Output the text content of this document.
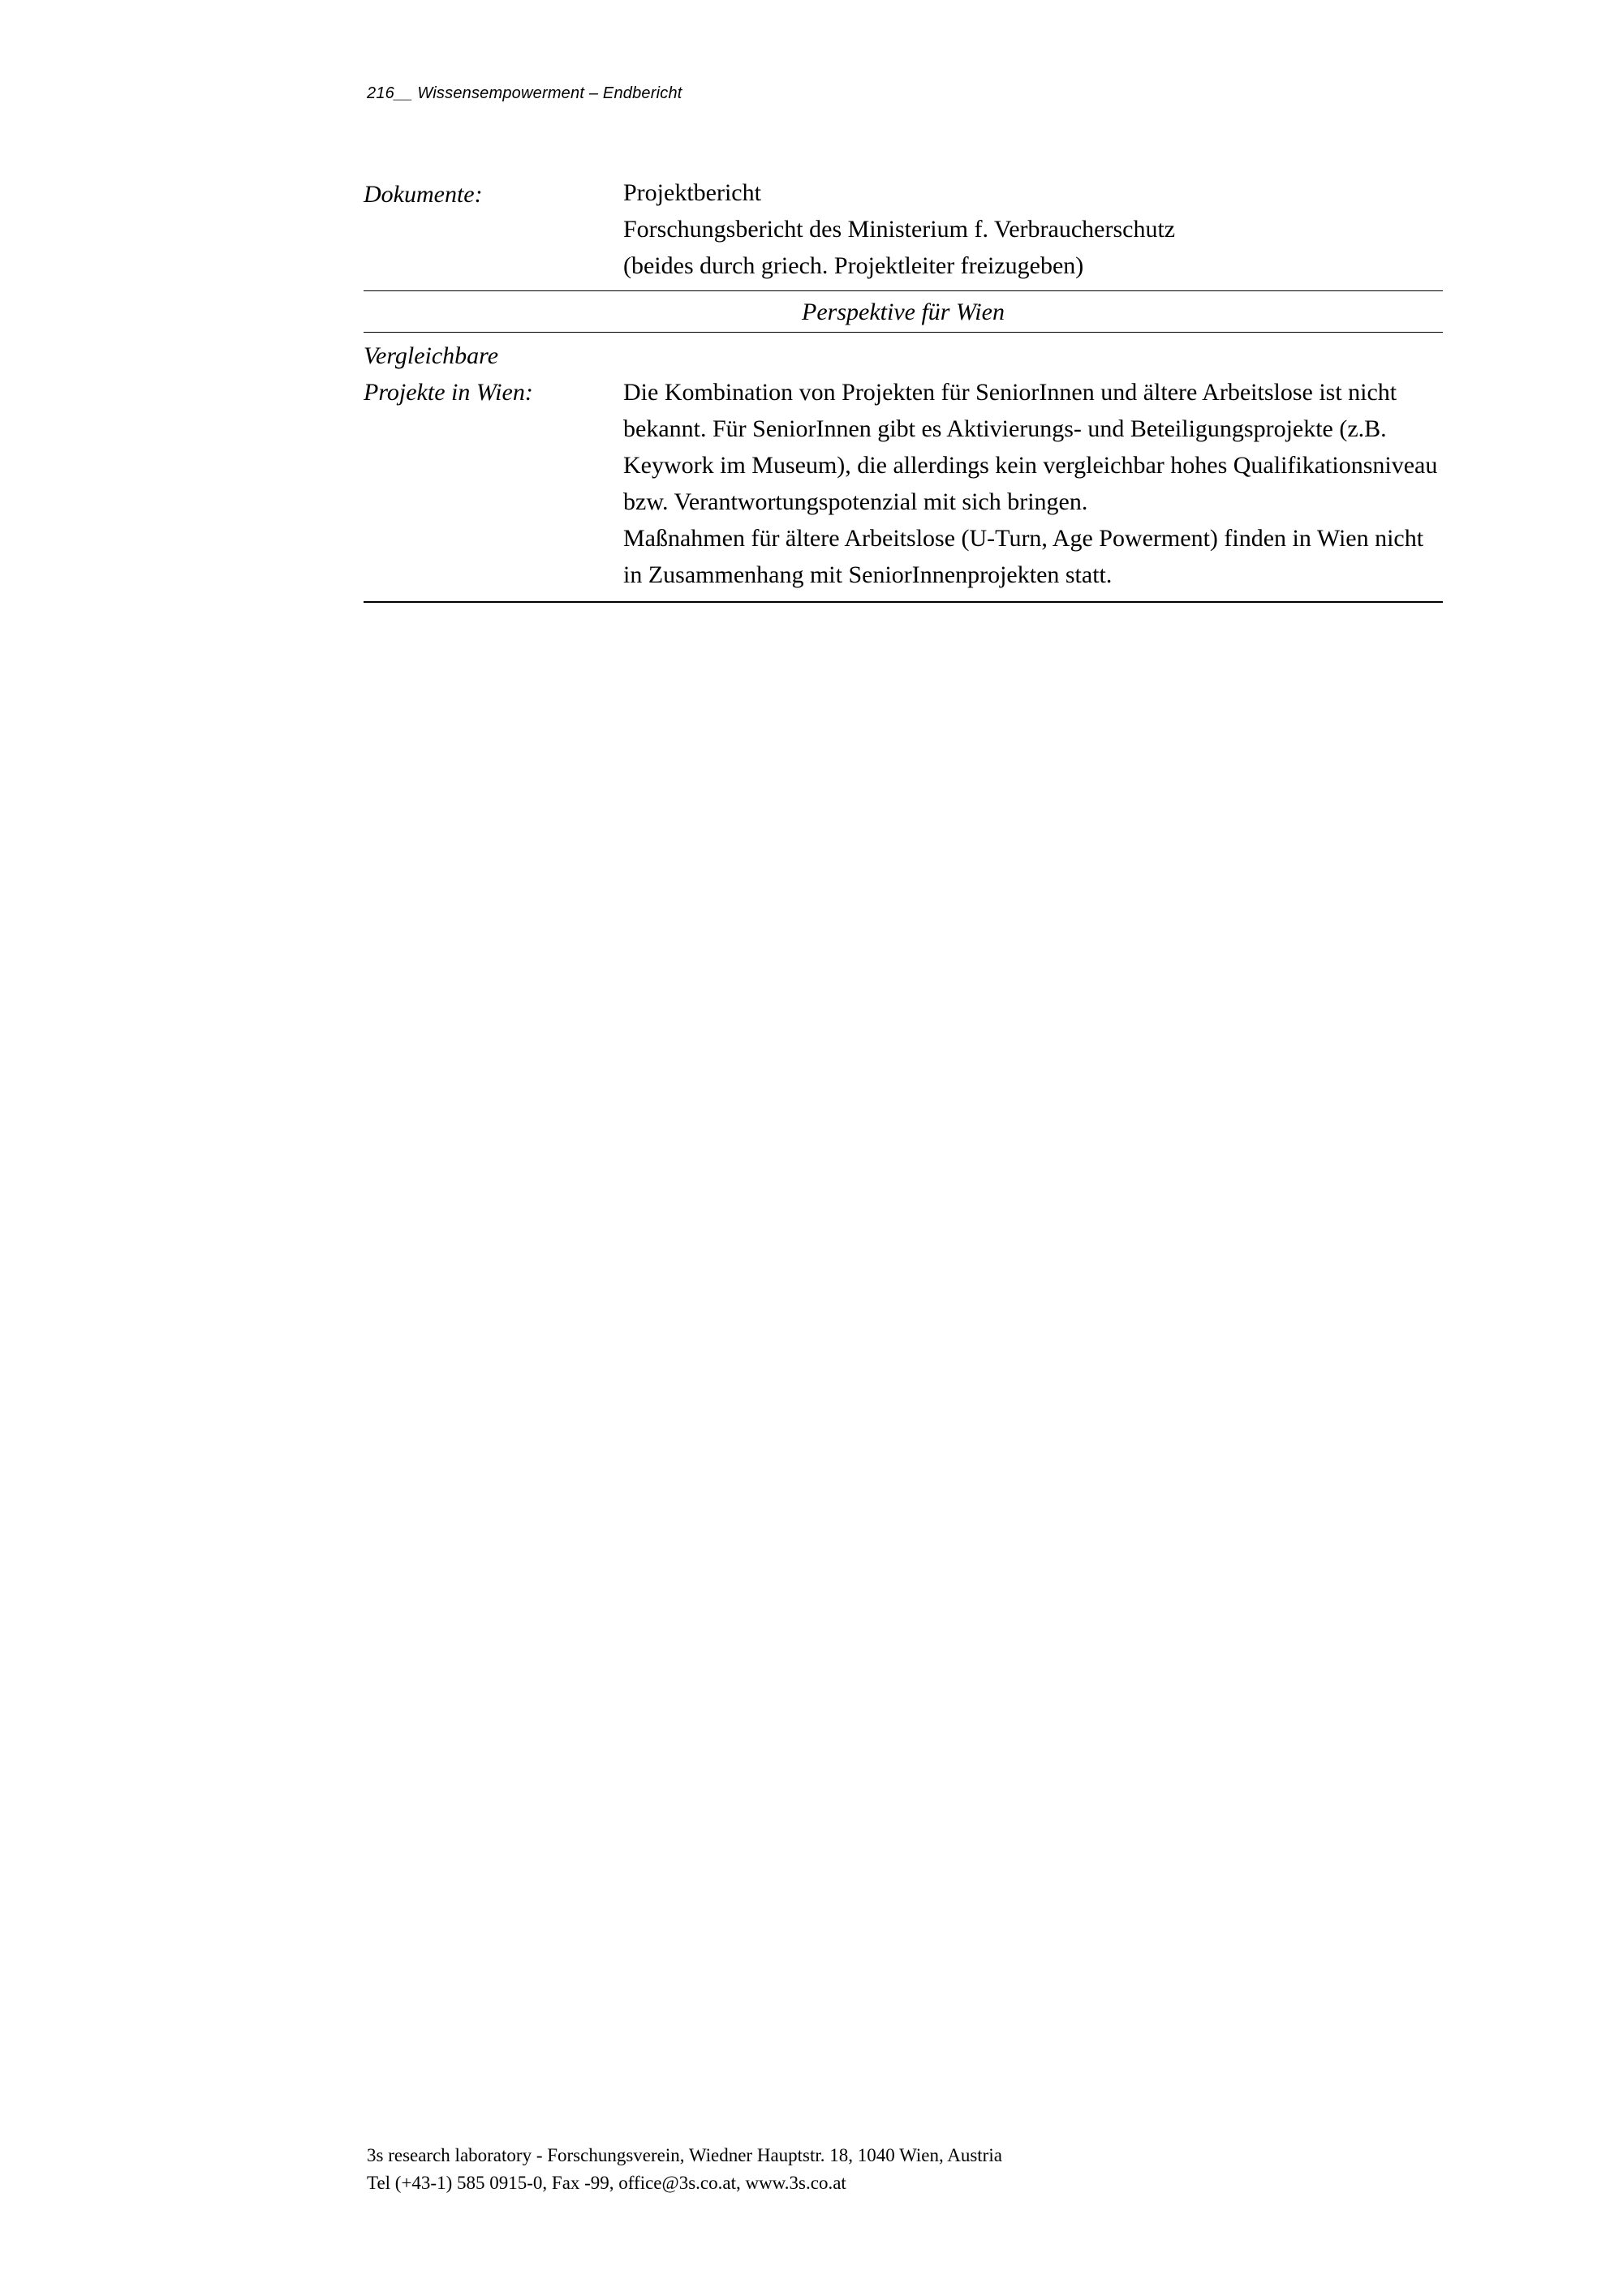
216__ Wissensempowerment – Endbericht
Dokumente:	Projektbericht

Forschungsbericht des Ministerium f. Verbraucherschutz

(beides durch griech. Projektleiter freizugeben)

Perspektive für Wien
Vergleichbare
Projekte in Wien:	Die Kombination von Projekten für SeniorInnen und ältere Arbeitslose ist nicht bekannt. Für SeniorInnen gibt es Aktivierungs- und Beteiligungsprojekte (z.B. Keywork im Museum), die allerdings kein vergleichbar hohes Qualifikationsniveau bzw. Verantwortungspotenzial mit sich bringen.

Maßnahmen für ältere Arbeitslose (U-Turn, Age Powerment) finden in Wien nicht in Zusammenhang mit SeniorInnenprojekten statt.

3s research laboratory - Forschungsverein, Wiedner Hauptstr. 18, 1040 Wien, Austria

Tel (+43-1) 585 0915-0, Fax -99, office@3s.co.at, www.3s.co.at
